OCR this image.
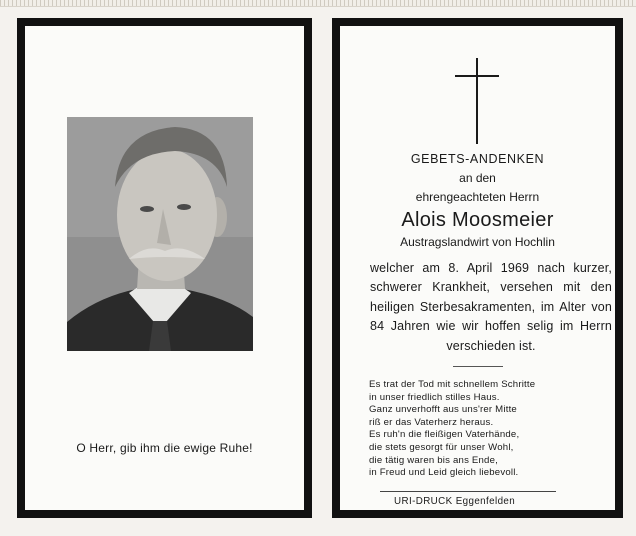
O Herr, gib ihm die ewige Ruhe!
GEBETS-ANDENKEN
an den
ehrengeachteten Herrn
Alois Moosmeier
Austragslandwirt von Hochlin
welcher am 8. April 1969 nach kurzer, schwerer Krankheit, versehen mit den heiligen Sterbesakramenten, im Alter von 84 Jahren wie wir hoffen selig im Herrn verschieden ist.
Es trat der Tod mit schnellem Schritte
in unser friedlich stilles Haus.
Ganz unverhofft aus uns'rer Mitte
riß er das Vaterherz heraus.
Es ruh'n die fleißigen Vaterhände,
die stets gesorgt für unser Wohl,
die tätig waren bis ans Ende,
in Freud und Leid gleich liebevoll.
URI-DRUCK Eggenfelden
